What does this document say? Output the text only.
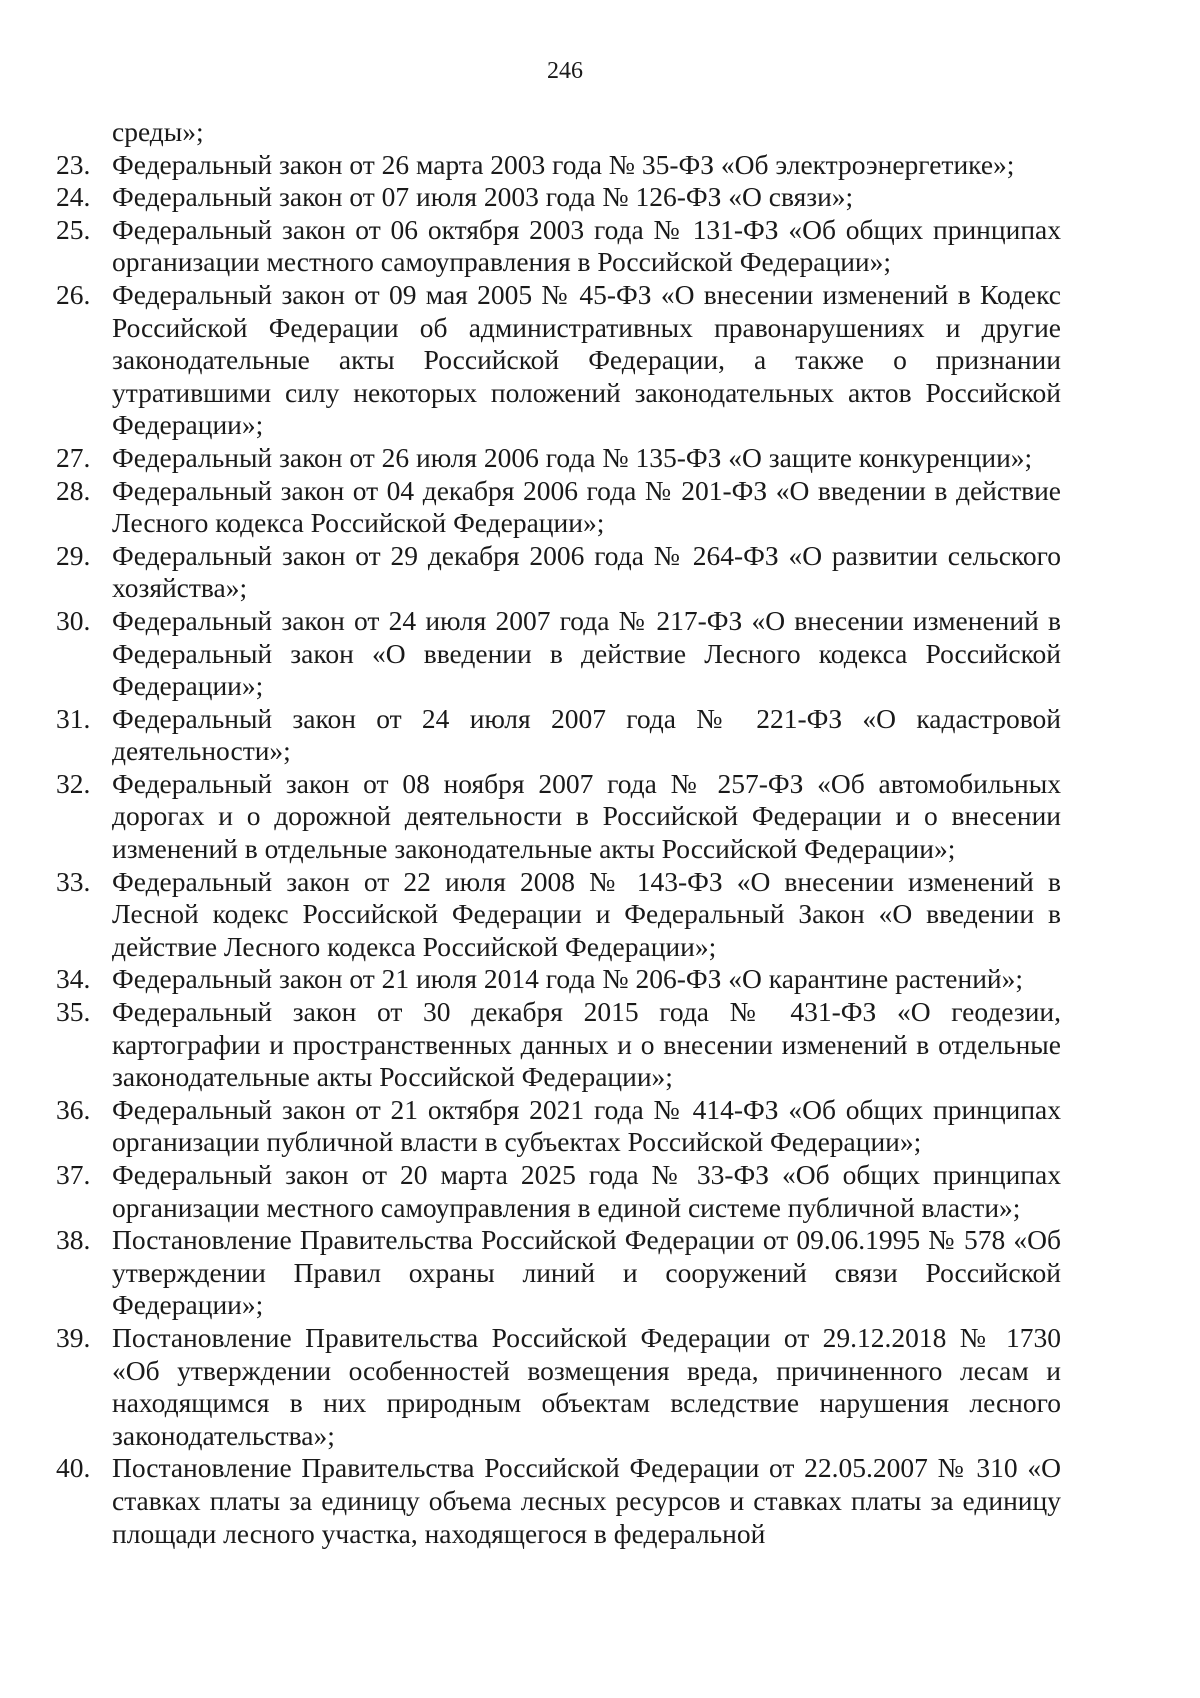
246

среды»;

23. Федеральный закон от 26 марта 2003 года № 35-ФЗ «Об электроэнергетике»;
24. Федеральный закон от 07 июля 2003 года № 126-ФЗ «О связи»;
25. Федеральный закон от 06 октября 2003 года № 131-ФЗ «Об общих принципах организации местного самоуправления в Российской Федерации»;
26. Федеральный закон от 09 мая 2005 № 45-ФЗ «О внесении изменений в Кодекс Российской Федерации об административных правонарушениях и другие законодательные акты Российской Федерации, а также о признании утратившими силу некоторых положений законодательных актов Российской Федерации»;
27. Федеральный закон от 26 июля 2006 года № 135-ФЗ «О защите конкуренции»;
28. Федеральный закон от 04 декабря 2006 года № 201-ФЗ «О введении в действие Лесного кодекса Российской Федерации»;
29. Федеральный закон от 29 декабря 2006 года № 264-ФЗ «О развитии сельского хозяйства»;
30. Федеральный закон от 24 июля 2007 года № 217-ФЗ «О внесении изменений в Федеральный закон «О введении в действие Лесного кодекса Российской Федерации»;
31. Федеральный закон от 24 июля 2007 года № 221-ФЗ «О кадастровой деятельности»;
32. Федеральный закон от 08 ноября 2007 года № 257-ФЗ «Об автомобильных дорогах и о дорожной деятельности в Российской Федерации и о внесении изменений в отдельные законодательные акты Российской Федерации»;
33. Федеральный закон от 22 июля 2008 № 143-ФЗ «О внесении изменений в Лесной кодекс Российской Федерации и Федеральный Закон «О введении в действие Лесного кодекса Российской Федерации»;
34. Федеральный закон от 21 июля 2014 года № 206-ФЗ «О карантине растений»;
35. Федеральный закон от 30 декабря 2015 года № 431-ФЗ «О геодезии, картографии и пространственных данных и о внесении изменений в отдельные законодательные акты Российской Федерации»;
36. Федеральный закон от 21 октября 2021 года № 414-ФЗ «Об общих принципах организации публичной власти в субъектах Российской Федерации»;
37. Федеральный закон от 20 марта 2025 года № 33-ФЗ «Об общих принципах организации местного самоуправления в единой системе публичной власти»;
38. Постановление Правительства Российской Федерации от 09.06.1995 № 578 «Об утверждении Правил охраны линий и сооружений связи Российской Федерации»;
39. Постановление Правительства Российской Федерации от 29.12.2018 № 1730 «Об утверждении особенностей возмещения вреда, причиненного лесам и находящимся в них природным объектам вследствие нарушения лесного законодательства»;
40. Постановление Правительства Российской Федерации от 22.05.2007 № 310 «О ставках платы за единицу объема лесных ресурсов и ставках платы за единицу площади лесного участка, находящегося в федеральной
